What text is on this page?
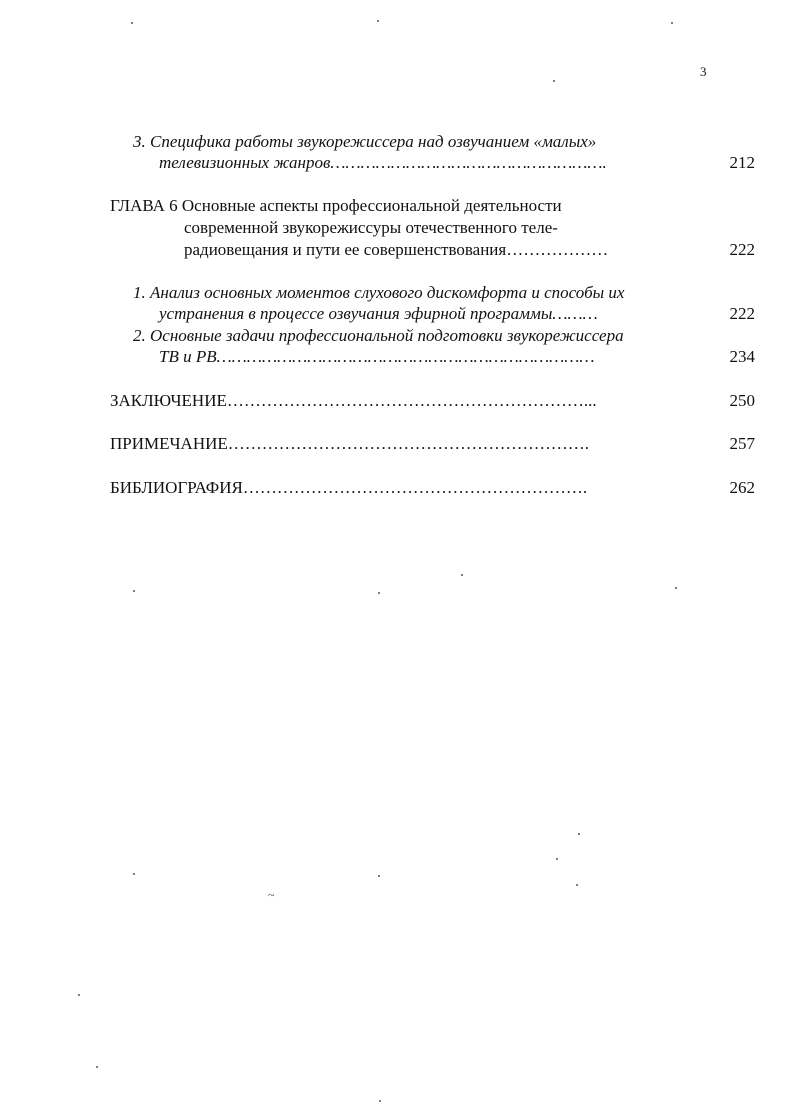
3
3. Специфика работы звукорежиссера над озвучанием «малых»
телевизионных жанров……………………………………………….	212
ГЛАВА 6 Основные аспекты профессиональной деятельности
современной звукорежиссуры отечественного теле-
радиовещания и пути ее совершенствования………………	222
1. Анализ основных моментов слухового дискомфорта и способы их
устранения в процессе озвучания эфирной программы………	222
2. Основные задачи профессиональной подготовки звукорежиссера
ТВ и РВ…………………………………………………………………	234
ЗАКЛЮЧЕНИЕ………………………………………………………...	250
ПРИМЕЧАНИЕ……………………………………………………….	257
БИБЛИОГРАФИЯ…………………………………………………….	262
~
